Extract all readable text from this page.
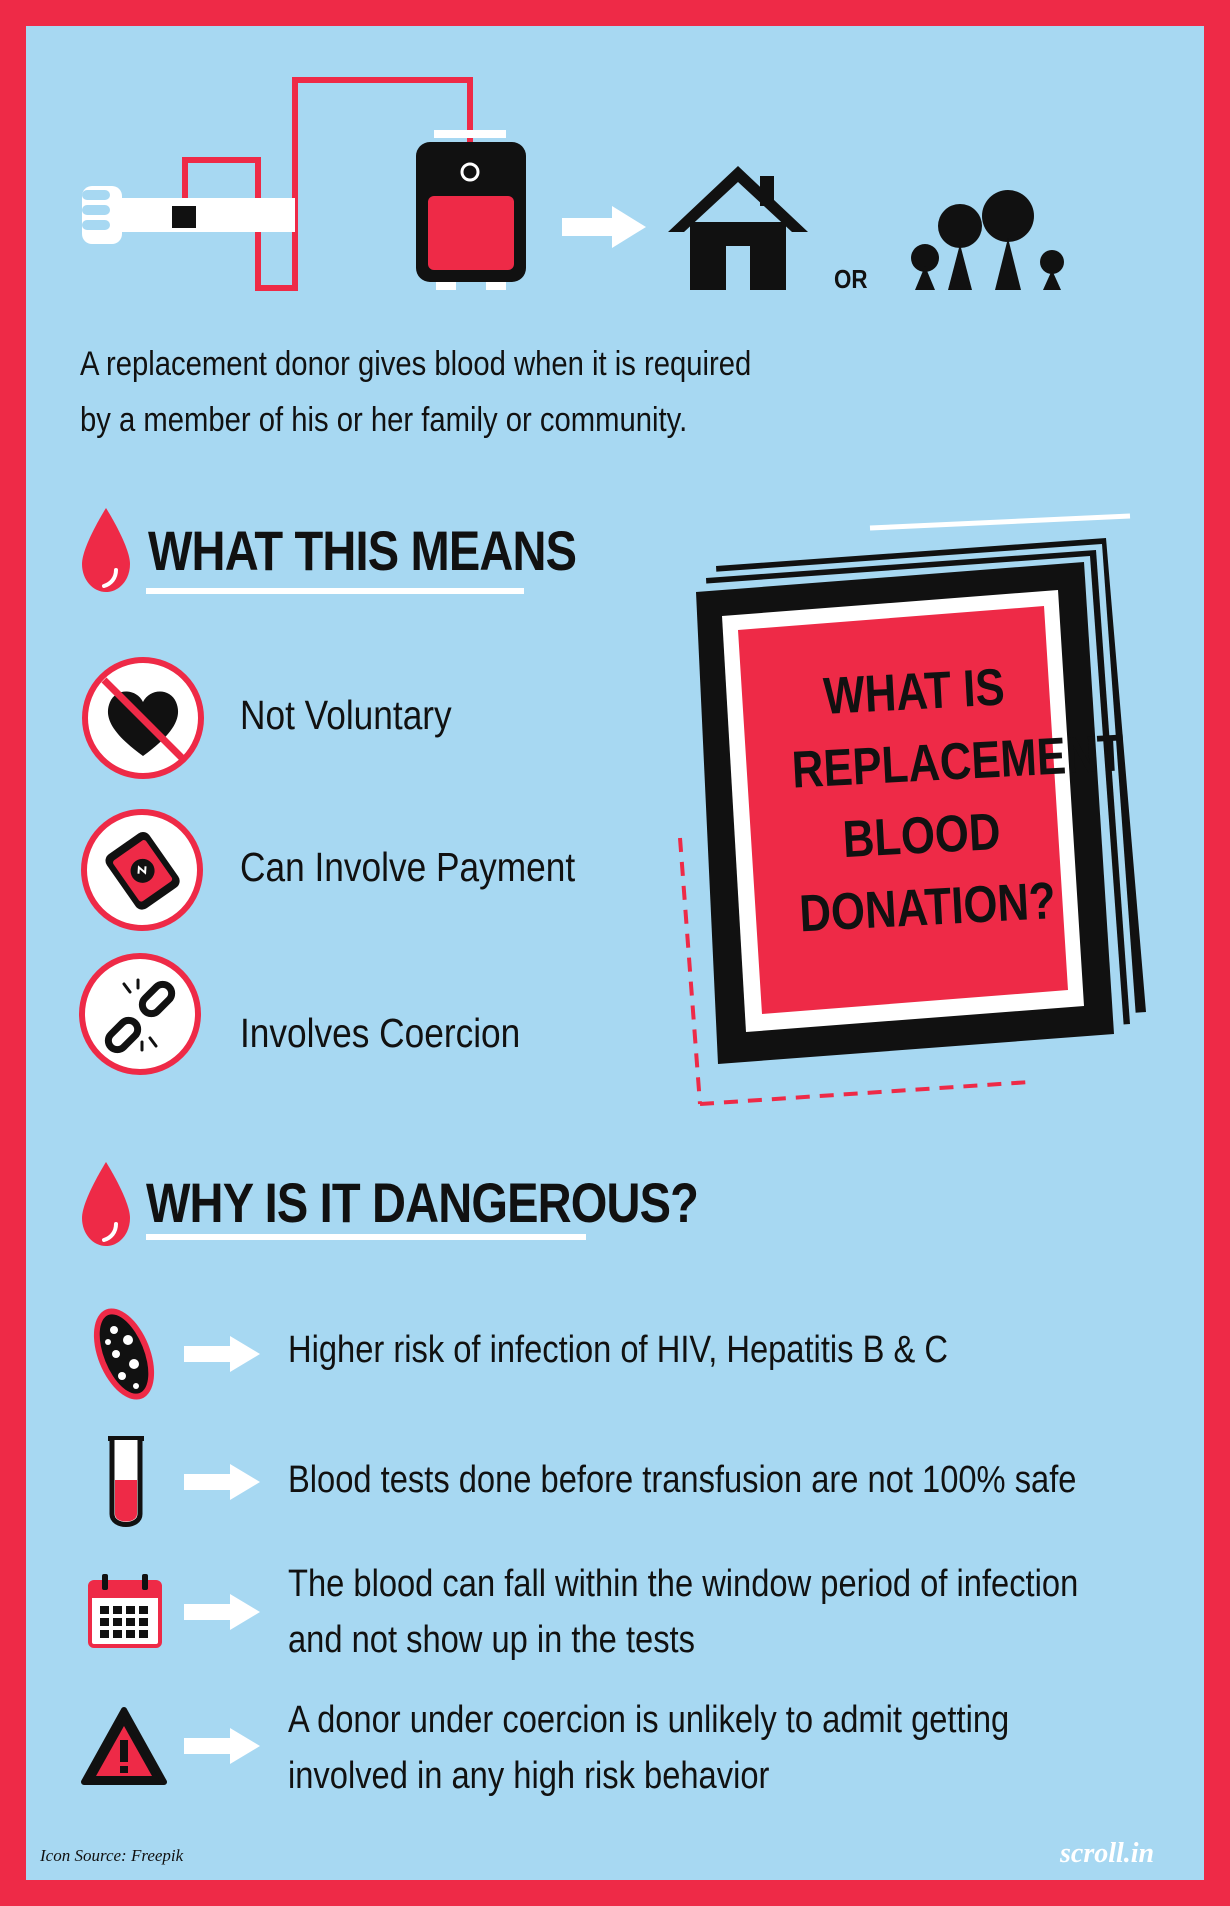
OR
A replacement donor gives blood when it is required
by a member of his or her family or community.
WHAT THIS MEANS
Not Voluntary
Can Involve Payment
Involves Coercion
WHAT IS
REPLACEMENT
BLOOD
DONATION?
WHY IS IT DANGEROUS?
Higher risk of infection of HIV, Hepatitis B & C
Blood tests done before transfusion are not 100% safe
The blood can fall within the window period of infection
and not show up in the tests
A donor under coercion is unlikely to admit getting
involved in any high risk behavior
Icon Source: Freepik	scroll.in
